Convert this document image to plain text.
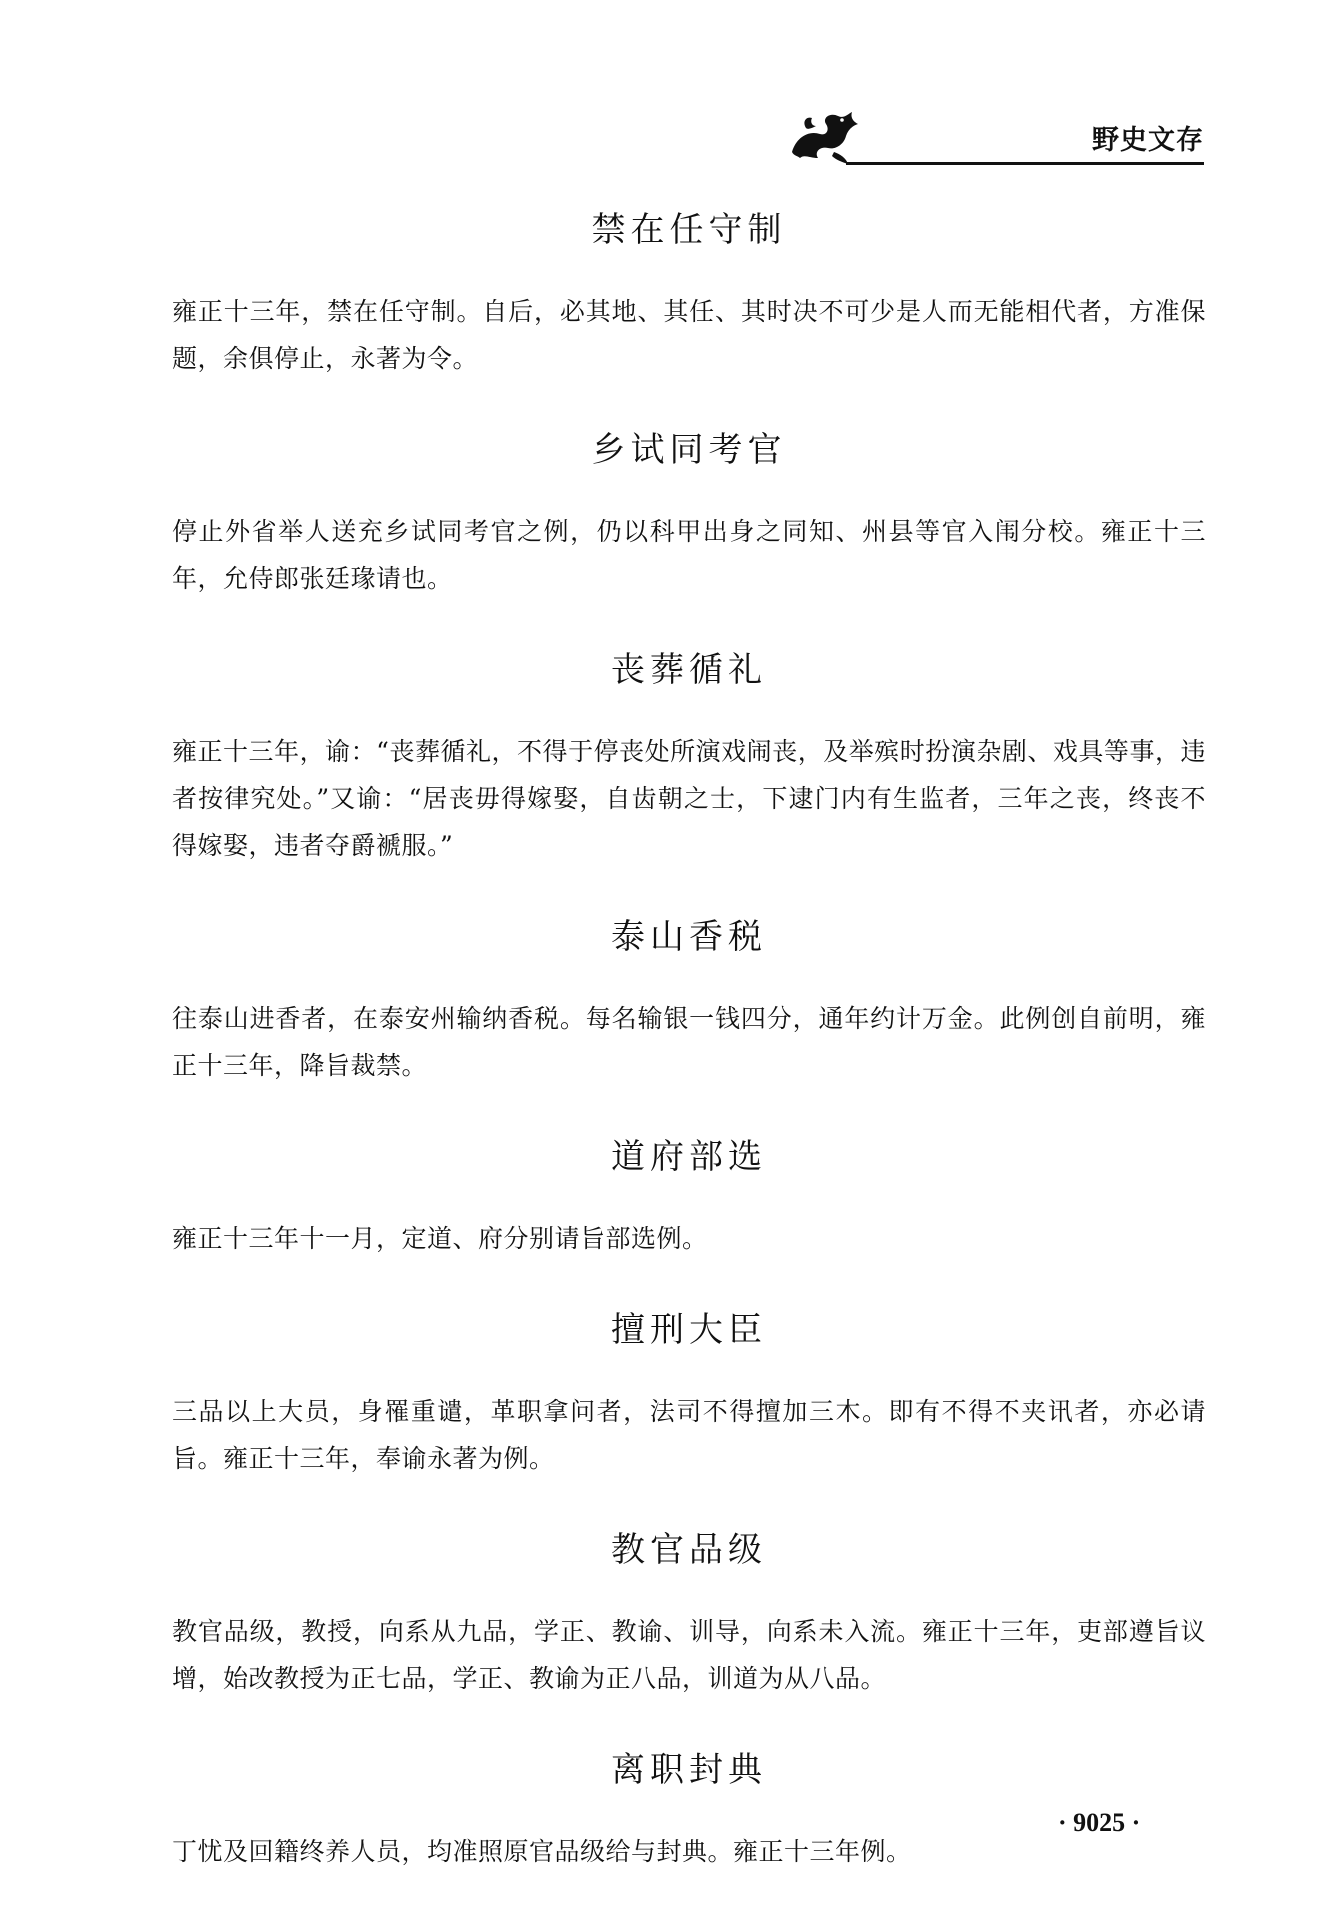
野史文存
禁在任守制

雍正十三年，禁在任守制。自后，必其地、其任、其时决不可少是人而无能相代者，方准保题，余俱停止，永著为令。

乡试同考官

停止外省举人送充乡试同考官之例，仍以科甲出身之同知、州县等官入闱分校。雍正十三年，允侍郎张廷瑑请也。

丧葬循礼

雍正十三年，谕：“丧葬循礼，不得于停丧处所演戏闹丧，及举殡时扮演杂剧、戏具等事，违者按律究处。”又谕：“居丧毋得嫁娶，自齿朝之士，下逮门内有生监者，三年之丧，终丧不得嫁娶，违者夺爵褫服。”

泰山香税

往泰山进香者，在泰安州输纳香税。每名输银一钱四分，通年约计万金。此例创自前明，雍正十三年，降旨裁禁。

道府部选

雍正十三年十一月，定道、府分别请旨部选例。

擅刑大臣

三品以上大员，身罹重谴，革职拿问者，法司不得擅加三木。即有不得不夹讯者，亦必请旨。雍正十三年，奉谕永著为例。

教官品级

教官品级，教授，向系从九品，学正、教谕、训导，向系未入流。雍正十三年，吏部遵旨议增，始改教授为正七品，学正、教谕为正八品，训道为从八品。

离职封典

丁忧及回籍终养人员，均准照原官品级给与封典。雍正十三年例。

· 9025 ·
